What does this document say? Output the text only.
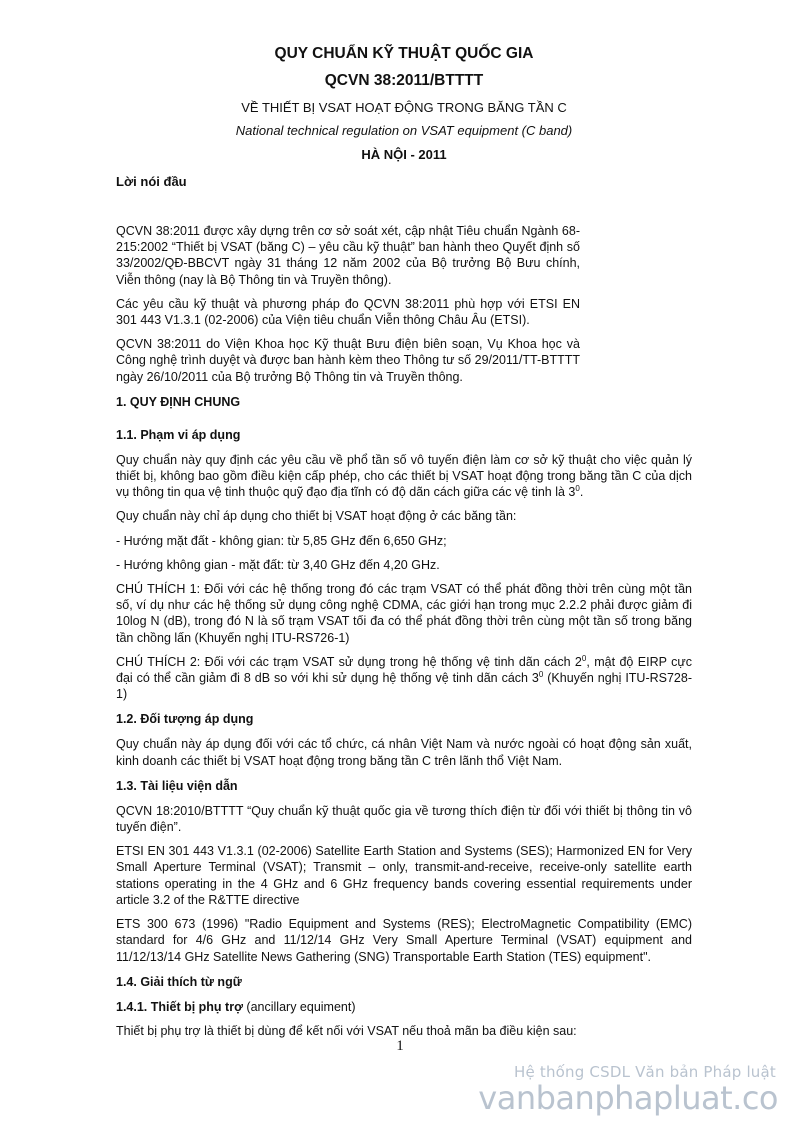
QUY CHUẨN KỸ THUẬT QUỐC GIA
QCVN 38:2011/BTTTT
VỀ THIẾT BỊ VSAT HOẠT ĐỘNG TRONG BĂNG TẦN C
National technical regulation on VSAT equipment (C band)
HÀ NỘI - 2011
Lời nói đầu

QCVN 38:2011 được xây dựng trên cơ sở soát xét, cập nhật Tiêu chuẩn Ngành 68-215:2002 “Thiết bị VSAT (băng C) – yêu cầu kỹ thuật” ban hành theo Quyết định số 33/2002/QĐ-BBCVT ngày 31 tháng 12 năm 2002 của Bộ trưởng Bộ Bưu chính, Viễn thông (nay là Bộ Thông tin và Truyền thông).

Các yêu cầu kỹ thuật và phương pháp đo QCVN 38:2011 phù hợp với ETSI EN 301 443 V1.3.1 (02-2006) của Viện tiêu chuẩn Viễn thông Châu Âu (ETSI).

QCVN 38:2011 do Viện Khoa học Kỹ thuật Bưu điện biên soạn, Vụ Khoa học và Công nghệ trình duyệt và được ban hành kèm theo Thông tư số 29/2011/TT-BTTTT ngày 26/10/2011 của Bộ trưởng Bộ Thông tin và Truyền thông.

1. QUY ĐỊNH CHUNG
1.1. Phạm vi áp dụng

Quy chuẩn này quy định các yêu cầu về phổ tần số vô tuyến điện làm cơ sở kỹ thuật cho việc quản lý thiết bị, không bao gồm điều kiện cấp phép, cho các thiết bị VSAT hoạt động trong băng tần C của dịch vụ thông tin qua vệ tinh thuộc quỹ đạo địa tĩnh có độ dãn cách giữa các vệ tinh là $3^0$.

Quy chuẩn này chỉ áp dụng cho thiết bị VSAT hoạt động ở các băng tần:

- Hướng mặt đất - không gian: từ 5,85 GHz đến 6,650 GHz;

- Hướng không gian - mặt đất: từ 3,40 GHz đến 4,20 GHz.

CHÚ THÍCH 1: Đối với các hệ thống trong đó các trạm VSAT có thể phát đồng thời trên cùng một tần số, ví dụ như các hệ thống sử dụng công nghệ CDMA, các giới hạn trong mục 2.2.2 phải được giảm đi 10log N (dB), trong đó N là số trạm VSAT tối đa có thể phát đồng thời trên cùng một tần số trong băng tần chồng lấn (Khuyến nghị ITU-RS726-1)

CHÚ THÍCH 2: Đối với các trạm VSAT sử dụng trong hệ thống vệ tinh dãn cách $2^0$, mật độ EIRP cực đại có thể cần giảm đi 8 dB so với khi sử dụng hệ thống vệ tinh dãn cách $3^0$ (Khuyến nghị ITU-RS728-1)

1.2. Đối tượng áp dụng

Quy chuẩn này áp dụng đối với các tổ chức, cá nhân Việt Nam và nước ngoài có hoạt động sản xuất, kinh doanh các thiết bị VSAT hoạt động trong băng tần C trên lãnh thổ Việt Nam.

1.3. Tài liệu viện dẫn

QCVN 18:2010/BTTTT “Quy chuẩn kỹ thuật quốc gia về tương thích điện từ đối với thiết bị thông tin vô tuyến điện”.

ETSI EN 301 443 V1.3.1 (02-2006) Satellite Earth Station and Systems (SES); Harmonized EN for Very Small Aperture Terminal (VSAT); Transmit – only, transmit-and-receive, receive-only satellite earth stations operating in the 4 GHz and 6 GHz frequency bands covering essential requirements under article 3.2 of the R&TTE directive

ETS 300 673 (1996) "Radio Equipment and Systems (RES); ElectroMagnetic Compatibility (EMC) standard for 4/6 GHz and 11/12/14 GHz Very Small Aperture Terminal (VSAT) equipment and 11/12/13/14 GHz Satellite News Gathering (SNG) Transportable Earth Station (TES) equipment".

1.4. Giải thích từ ngữ

1.4.1. Thiết bị phụ trợ (ancillary equiment)

Thiết bị phụ trợ là thiết bị dùng để kết nối với VSAT nếu thoả mãn ba điều kiện sau:

1
Hệ thống CSDL Văn bản Pháp luật
vanbanphapluat.co
